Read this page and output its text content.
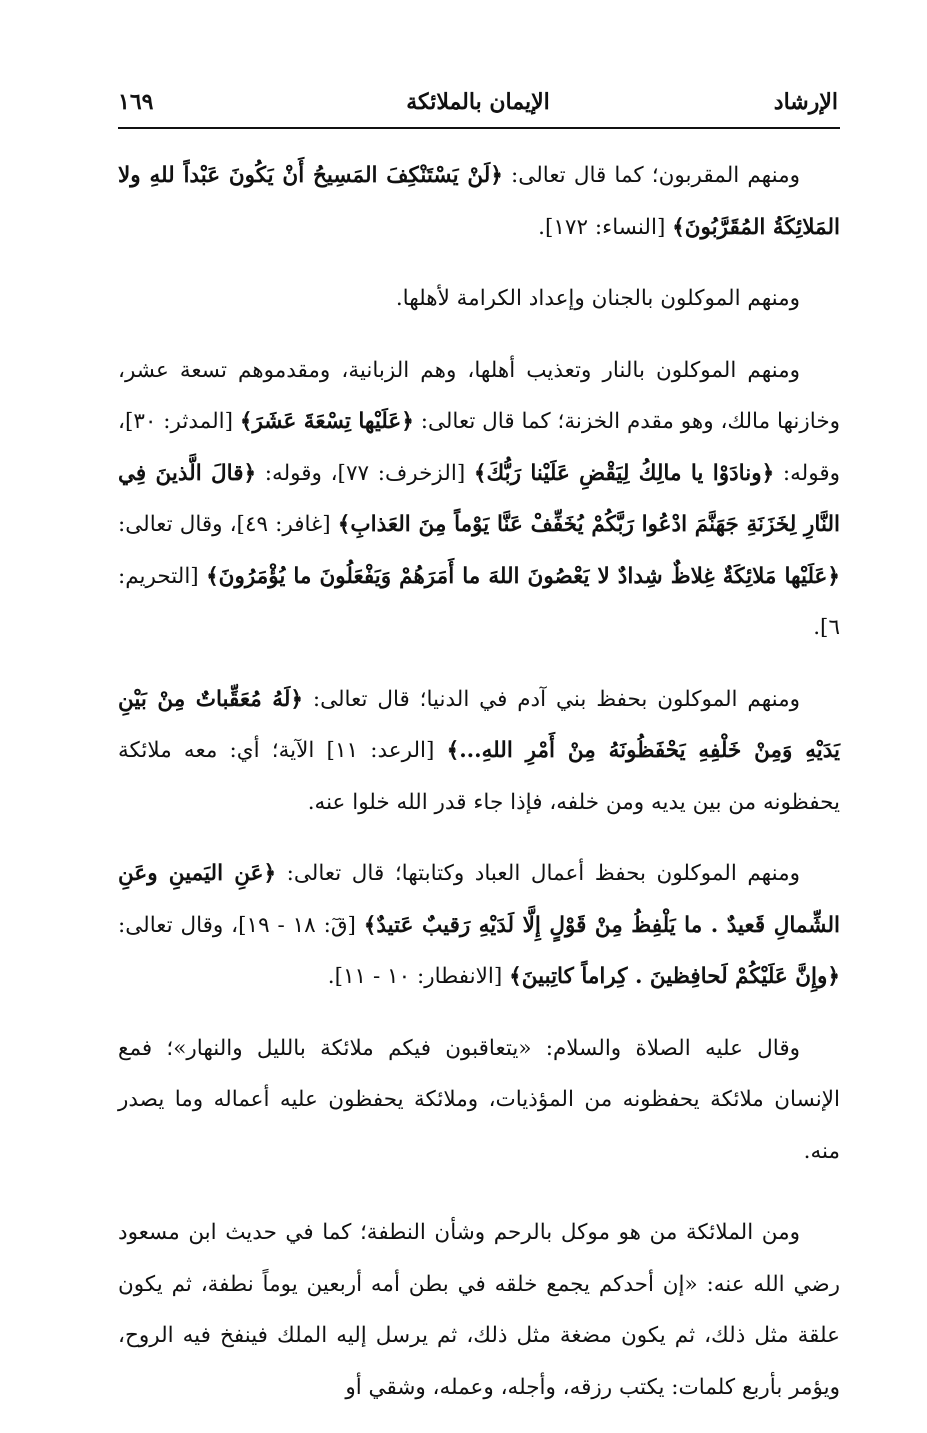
الإرشاد
الإيمان بالملائكة
١٦٩

ومنهم المقربون؛ كما قال تعالى: ﴿لَنْ يَسْتَنْكِفَ المَسِيحُ أَنْ يَكُونَ عَبْداً للهِ ولا المَلائِكَةُ المُقَرَّبُونَ﴾ [النساء: ١٧٢].

ومنهم الموكلون بالجنان وإعداد الكرامة لأهلها.

ومنهم الموكلون بالنار وتعذيب أهلها، وهم الزبانية، ومقدموهم تسعة عشر، وخازنها مالك، وهو مقدم الخزنة؛ كما قال تعالى: ﴿عَلَيْها تِسْعَةَ عَشَرَ﴾ [المدثر: ٣٠]، وقوله: ﴿ونادَوْا يا مالِكُ لِيَقْضِ عَلَيْنا رَبُّكَ﴾ [الزخرف: ٧٧]، وقوله: ﴿قالَ الَّذينَ فِي النَّارِ لِخَزَنَةِ جَهَنَّمَ ادْعُوا رَبَّكُمْ يُخَفِّفْ عَنَّا يَوْماً مِنَ العَذابِ﴾ [غافر: ٤٩]، وقال تعالى: ﴿عَلَيْها مَلائِكَةٌ غِلاظٌ شِدادٌ لا يَعْصُونَ اللهَ ما أَمَرَهُمْ وَيَفْعَلُونَ ما يُؤْمَرُونَ﴾ [التحريم: ٦].

ومنهم الموكلون بحفظ بني آدم في الدنيا؛ قال تعالى: ﴿لَهُ مُعَقِّباتٌ مِنْ بَيْنِ يَدَيْهِ وَمِنْ خَلْفِهِ يَحْفَظُونَهُ مِنْ أَمْرِ اللهِ...﴾ [الرعد: ١١] الآية؛ أي: معه ملائكة يحفظونه من بين يديه ومن خلفه، فإذا جاء قدر الله خلوا عنه.

ومنهم الموكلون بحفظ أعمال العباد وكتابتها؛ قال تعالى: ﴿عَنِ اليَمينِ وعَنِ الشِّمالِ قَعيدٌ . ما يَلْفِظُ مِنْ قَوْلٍ إِلَّا لَدَيْهِ رَقيبٌ عَتيدٌ﴾ [قٓ: ١٨ - ١٩]، وقال تعالى: ﴿وإِنَّ عَلَيْكُمْ لَحافِظينَ . كِراماً كاتِبينَ﴾ [الانفطار: ١٠ - ١١].

وقال عليه الصلاة والسلام: «يتعاقبون فيكم ملائكة بالليل والنهار»؛ فمع الإنسان ملائكة يحفظونه من المؤذيات، وملائكة يحفظون عليه أعماله وما يصدر منه.

ومن الملائكة من هو موكل بالرحم وشأن النطفة؛ كما في حديث ابن مسعود رضي الله عنه: «إن أحدكم يجمع خلقه في بطن أمه أربعين يوماً نطفة، ثم يكون علقة مثل ذلك، ثم يكون مضغة مثل ذلك، ثم يرسل إليه الملك فينفخ فيه الروح، ويؤمر بأربع كلمات: يكتب رزقه، وأجله، وعمله، وشقي أو
